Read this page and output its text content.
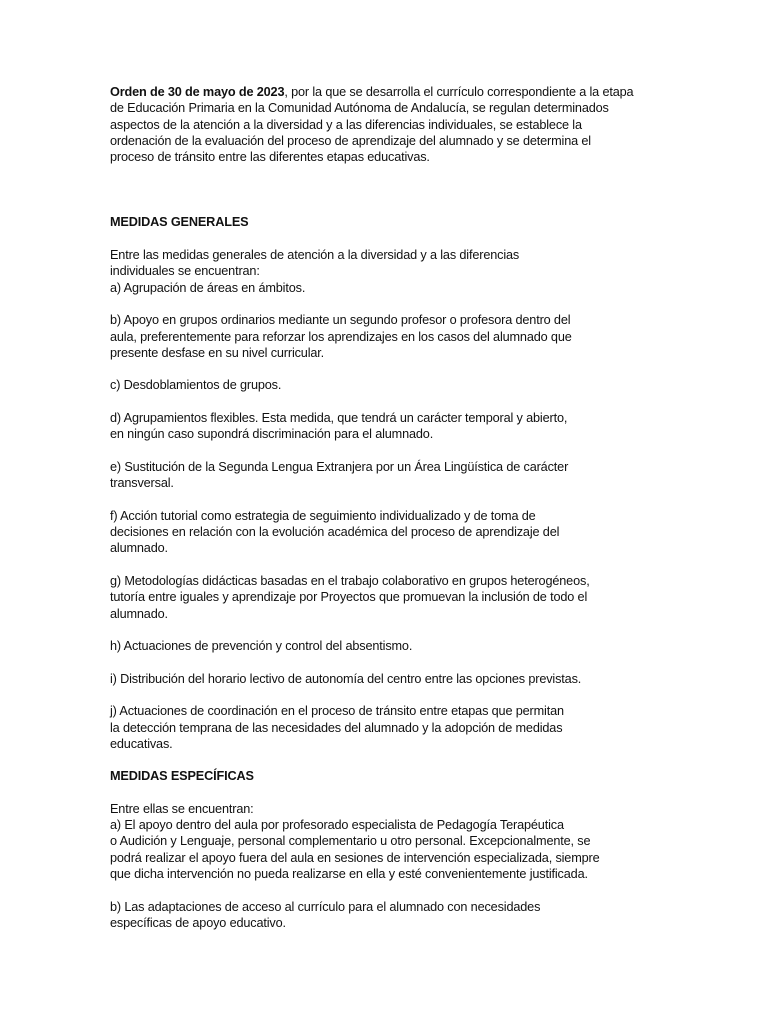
Orden de 30 de mayo de 2023, por la que se desarrolla el currículo correspondiente a la etapa
de Educación Primaria en la Comunidad Autónoma de Andalucía, se regulan determinados
aspectos de la atención a la diversidad y a las diferencias individuales, se establece la
ordenación de la evaluación del proceso de aprendizaje del alumnado y se determina el
proceso de tránsito entre las diferentes etapas educativas.

MEDIDAS GENERALES

Entre las medidas generales de atención a la diversidad y a las diferencias
individuales se encuentran:

a) Agrupación de áreas en ámbitos.

b) Apoyo en grupos ordinarios mediante un segundo profesor o profesora dentro del
aula, preferentemente para reforzar los aprendizajes en los casos del alumnado que
presente desfase en su nivel curricular.

c) Desdoblamientos de grupos.

d) Agrupamientos flexibles. Esta medida, que tendrá un carácter temporal y abierto,
en ningún caso supondrá discriminación para el alumnado.

e) Sustitución de la Segunda Lengua Extranjera por un Área Lingüística de carácter
transversal.

f) Acción tutorial como estrategia de seguimiento individualizado y de toma de
decisiones en relación con la evolución académica del proceso de aprendizaje del
alumnado.

g) Metodologías didácticas basadas en el trabajo colaborativo en grupos heterogéneos,
tutoría entre iguales y aprendizaje por Proyectos que promuevan la inclusión de todo el
alumnado.

h) Actuaciones de prevención y control del absentismo.

i) Distribución del horario lectivo de autonomía del centro entre las opciones previstas.

j) Actuaciones de coordinación en el proceso de tránsito entre etapas que permitan
la detección temprana de las necesidades del alumnado y la adopción de medidas
educativas.

MEDIDAS ESPECÍFICAS

Entre ellas se encuentran:

a) El apoyo dentro del aula por profesorado especialista de Pedagogía Terapéutica
o Audición y Lenguaje, personal complementario u otro personal. Excepcionalmente, se
podrá realizar el apoyo fuera del aula en sesiones de intervención especializada, siempre
que dicha intervención no pueda realizarse en ella y esté convenientemente justificada.

b) Las adaptaciones de acceso al currículo para el alumnado con necesidades
específicas de apoyo educativo.
